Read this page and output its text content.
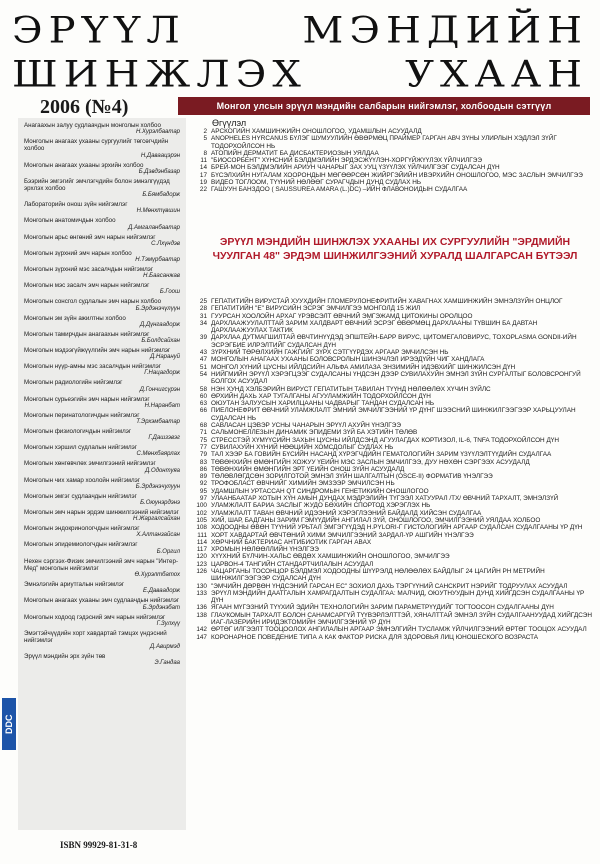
ЭРҮҮЛ	МЭНДИЙН
ШИНЖЛЭХ УХААН
2006 (№4)	Монгол улсын эрүүл мэндийн салбарын нийгэмлэг, холбоодын сэтгүүл
Анагаахын залуу судлаачдын монголын холбоо
Н.Хурэлбаатар
Монголын анагаах ухааны сургуулийг төгсөгчдийн холбоо
Н.Даваацэрэн
Монголын анагаах ухааны эрхийн холбоо
Б.Дэвдэнбазар
Бээрийн эмгэгийг эмчлэгчдийн болон эмнэлгүүдэд эрхлэх холбоо
Б.Бямбадорж
Лабораторийн онош зүйн нийгэмлэг
Н.Мөнхтүвшин
Монголын анатомичдын холбоо
Д.Амгаланбаатар
Монголын арьс өнгөний эмч нарын нийгэмлэг
С.Лхүндэв
Монголын зүрхний эмч нарын холбоо
Н.Тэмүрбаатар
Монголын зүрхний мэс засалчдын нийгэмлэг
Н.Баасанжав
Монголын мэс засалч эмч нарын нийгэмлэг
Б.Гоош
Монголын сонсгол судлалын эмч нарын холбоо
Б.Эрдэнэчүлүүн
Монголын эм зүйн ажилтны холбоо
Д.Дүнгаадорж
Монголын тамирчдын анагаахын нийгэмлэг
Б.Болдсайхан
Монголын мэдээгүйжүүлгийн эмч нарын нийгэмлэг
Д.Нарануй
Монголын нүүр-амны мэс засалчдын нийгэмлэг
Г.Нацагдорж
Монголын радиологийн нийгэмлэг
Д.Гончигсүрэн
Монголын сурьеэгийн эмч нарын нийгэмлэг
Н.Наранбат
Монголын перинатологичдын нийгэмлэг
Т.Эрхэмбаатар
Монголын физиологичдын нийгэмлэг
Г.Дашзэвэг
Монголын хэршил судлалын нийгэмлэг
С.Мөнхбаярлах
Монголын хөнгөвчлөх эмчилгээний нийгэмлэг
Д.Одонтуяа
Монголын чих хамар хоолойн нийгэмлэг
Б.Эрдэнэчулуун
Монголын эмгэг судлаачдын нийгэмлэг
Б.Оюунэрдэнэ
Монголын эмч нарын эрдэм шинжилгээний нийгэмлэг
Н.Жаргалсайхан
Монголын эндокринологчдын нийгэмлэг
Х.Алтанзайсан
Монголын эпидемиологчдын нийгэмлэг
Б.Оргил
Нехен сэргээх-Физик эмчилгээний эмч нарын "Интер-Мед" монголын нийгэмлэг
Ө.Хурэлтбатох
Эмнэлэгийн ариутгалын нийгэмлэг
Е.Даваадорж
Монголын анагаах ухааны эмч судлаачдын нийгэмлэг
Б.Эрдэнэбат
Монголын ходоод гэдэсний эмч нарын нийгэмлэг
Г.Зулхүү
Эмэгтэйчүүдийн хорт хавдартай тэмцэх үндэсний нийгэмлэг
Д.Авирмэд
Эрүүл мэндийн эрх зүйн төв
Э.Гандаа
Өгүүлэл
2 АРСКОГИЙН ХАМШИНЖИЙН ОНОШЛОГОО, УДАМШЛЫН АСУУДАЛД
5 ANOPHELES HYRCANUS БҮЛЭГ ШУМУУЛИЙН ӨВӨРМӨЦ ПРАЙМЕР ГАРГАН АВЧ ЗҮНЫ УЛИРЛЫН ХЭДЛЭЛ ЗҮЙГ ТОДОРХОЙЛСОН НЬ
8 АТОПИЙН ДЕРМАТИТ БА ДИСБАКТЕРИОЗЫН УЯЛДАА
11 "БИОСОРБЕНТ" ХҮНСНИЙ БЭЛДМЭЛИЙН ЭРДЭСЖҮҮЛЭН-ХОРГҮЙЖҮҮЛЭХ ҮЙЛЧИЛГЭЭ
14 БРЕЙ-МОН БЭЛДМЭЛИЙН АРИУН ЧАНАРЫГ ЗАХ УУЦ ҮЗҮҮЛЭХ ҮЙЛЧИЛГЭЭГ СУДАЛСАН ДҮН
17 БҮСЭЛХИЙН НУГАЛАМ ХООРОНДЫН МӨГӨӨРСӨН ЖИЙРГЭЙИЙН ИВЭРХИЙН ОНОШЛОГОО, МЭС ЗАСЛЫН ЭМЧИЛГЭЭ
19 ВИДЕО ТОГЛООМ, ТҮҮНИЙ НӨЛӨӨГ СУРАГЧДЫН ДУНД СУДЛАХ НЬ
22 ГАШУУН БАНЗДОО ( SAUSSUREA AMARA (L.)DC) –ИЙН ФЛАВОНОИДЫН СУДАЛГАА
ЭРҮҮЛ МЭНДИЙН ШИНЖЛЭХ УХААНЫ ИХ СУРГУУЛИЙН "ЭРДМИЙН ЧУУЛГАН 48" ЭРДЭМ ШИНЖИЛГЭЭНИЙ ХУРАЛД ШАЛГАРСАН БҮТЭЭЛ
25 ГЕПАТИТИЙН ВИРУСТАЙ ХУУХДИЙН ГЛОМЕРУЛОНЕФРИТИЙН ХАВАГНАХ ХАМШИНЖИЙН ЭМНЭЛЗҮЙН ОНЦЛОГ
28 ГЕПАТИТИЙН "Е" ВИРУСИЙН ЭСРЭГ ЭМЧИЛГЭЭ МОНГОЛД 15 ЖИЛ
31 ГУУРСАН ХООЛОЙН АРХАГ ҮРЭВСЭЛТ ӨВЧНИЙ ЭМГЭЖАМД ЦИТОКИНЫ ОРОЛЦОО
34 ДАРХЛААЖУУЛАЛТТАЙ ЗАРИМ ХАЛДВАРТ ӨВЧНИЙ ЭСРЭГ ӨВӨРМӨЦ ДАРХЛААНЫ ТҮВШИН БА ДАВТАН ДАРХЛААЖУУЛАХ ТАКТИК
39 ДАРХЛАА ДУТМАГШИЛТАЙ ӨВЧТИНҮҮДЭД ЭПШТЕЙН-БАРР ВИРУС, ЦИТОМЕГАЛОВИРУС, TOXOPLASMA GONDII-ИЙН ЭСРЭГБИЕ ИЛРЭЛТИЙГ СУДАЛСАН ДҮН
43 ЗҮРХНИЙ ТӨРӨЛХИЙН ГАЖГИЙГ ЗҮРХ СЭТГҮҮРДЭХ АРГААР ЭМЧИЛСЭН НЬ
47 МОНГОЛЫН АНАГААХ УХААНЫ БОЛОВСРОЛЫН ШИНЭЧЛЭЛ ИРЭЭДҮЙН ЧИГ ХАНДЛАГА
51 МОНГОЛ ХҮНИЙ ЦУСНЫ ИЙЛДСИЙН АЛЬФА АМИЛАЗА ЭНЗИМИЙН ИДЭВХИЙГ ШИНЖИЛСЭН ДҮН
54 НИЙГМИЙН ЭРҮҮЛ ХЭРЭГЦЭЭГ СУДАЛСАНЫ ҮНДСЭН ДЭЭР СУВИЛАХУЙН ЭМНЭЛ ЗҮЙН СУРГАЛТЫГ БОЛОВСРОНГУЙ БОЛГОХ АСУУДАЛ
58 НЭН ХУНД ХЭЛБЭРИЙН ВИРУСТ ГЕПАТИТЫН ТАВИЛАН ТҮҮНД НӨЛӨӨЛӨХ ХҮЧИН ЗҮЙЛС
60 ӨРХИЙН ДАХЬ ХАР ТУГАЛГАНЫ АГУУЛАМЖИЙН ТОДОРХОЙЛСОН ДҮН
63 ОЮУТАН ЗАЛУУСЫН ХАРИЛЦААНЫ ЧАДВАРЫГ ТАНДАН СУДАЛСАН НЬ
66 ПИЕЛОНЕФРИТ ӨВЧНИЙ УЛАМЖЛАЛТ ЭМНИЙ ЭМЧИЛГЭЭНИЙ ҮР ДҮНГ ШЭЭСНИЙ ШИНЖИЛГЭЭГЭЭР ХАРЬЦУУЛАН СУДАЛСАН НЬ
68 САВЛАСАН ЦЭВЭР УСНЫ ЧАНАРЫН ЭРҮҮЛ АХУЙН ҮНЭЛГЭЭ
71 САЛЬМОНЕЛЛЕЗЫН ДИНАМИК ЭПИДЕМИ ЗҮЙ БА ХЭТИЙН ТӨЛӨВ
75 СТРЕССТЭЙ ХҮМҮҮСИЙН ЗАХЫН ЦУСНЫ ИЙЛДСЭНД АГУУЛАГДАХ КОРТИЗОЛ, IL-6, TNFA ТОДОРХОЙЛСОН ДҮН
77 СУВИЛАХУЙН ХҮНИЙ НӨӨЦИЙН ХОМСДОЛЫГ СУДЛАХ НЬ
79 ТАЛ ХЭЭР БА ГОВИЙН БҮСИЙН НАСАНД ХҮРЭГЧДИЙН ГЕМАТОЛОГИЙН ЗАРИМ ҮЗҮҮЛЭЛТҮҮДИЙН СУДАЛГАА
83 ТӨВӨНХИЙН ӨМӨНГИЙН ХОЖУУ ҮЕИЙН МЭС ЗАСЛЫН ЭМЧИЛГЭЭ, ДУУ НӨХӨН СЭРГЭЭХ АСУУДАЛД
86 ТӨВӨНХИЙН ӨМӨНГИЙН ЭРТ ҮЕИЙН ОНОШ ЗҮЙН АСУУДАЛД
89 ТӨЛӨВЛӨГДСӨН ЗОРИЛГОТОЙ ЭМНЭЛ ЗҮЙН ШАЛГАЛТЫН (OSCE-II) ФОРМАТИВ ҮНЭЛГЭЭ
92 ТРОФОБЛАСТ ӨВЧНИЙГ ХИМИЙН ЭМЗЭЭР ЭМЧИЛСЭН НЬ
95 УДАМШЛЫН УРТАССАН QT СИНДРОМЫН ГЕНЕТИКИЙН ОНОШЛОГОО
97 УЛААНБААТАР ХОТЫН ХҮН АМЫН ДУНДАХ МЭДРЭЛИЙН ТҮГЭЭЛ ХАТУУРАЛ /ТХ/ ӨВЧНИЙ ТАРХАЛТ, ЭМНЭЛЗҮЙ
100 УЛАМЖЛАЛТ БАРИА ЗАСЛЫГ ЖУДО БӨХИЙН СПОРТОД ХЭРЭГЛЭХ НЬ
102 УЛАМЖЛАЛТ ТАВАН ӨВЧНИЙ ИДЭЭНИЙ ХЭРЭГЛЭЭНИЙ БАЙДАЛД ХИЙСЭН СУДАЛГАА
105 ХИЙ, ШАР, БАДГАНЫ ЗАРИМ ГЭМҮҮДИЙН АНГИЛАЛ ЗҮЙ, ОНОШЛОГОО, ЭМЧИЛГЭЭНИЙ УЯЛДАА ХОЛБОО
108 ХОДООДНЫ ӨВӨН ТҮҮНИЙ УРЬТАЛ ЭМГЭГҮҮДЭД H.PYLORI-Г ГИСТОЛОГИЙН АРГААР СУДАЛСАН СУДАЛГААНЫ ҮР ДҮН
111 ХОРТ ХАВДАРТАЙ ӨВЧТӨНИЙ ХИМИ ЭМЧИЛГЭЭНИЙ ЗАРДАЛ-ҮР АШГИЙН ҮНЭЛГЭЭ
114 ХӨРЧНИЙ БАКТЕРИАС АНТИБИОТИК ГАРГАН АВАХ
117 ХРОМЫН НӨЛӨӨЛЛИЙН ҮНЭЛГЭЭ
120 ХҮҮХНИЙ БҮЛЧИН-ХАЛЬС ӨВДӨХ ХАМШИНЖИЙН ОНОШЛОГОО, ЭМЧИЛГЭЭ
123 ЦАРВОН-4 ТАНГИЙН СТАНДАРТЧИЛАЛЫН АСУУДАЛ
126 ЧАЦАРГАНЫ ТОСОНЦОР БЭЛДМЭЛ ХОДООДНЫ ШҮҮРЭЛД НӨЛӨӨЛӨХ БАЙДЛЫГ 24 ЦАГИЙН PH МЕТРИЙН ШИНЖИЛГЭЭГЭЭР СУДАЛСАН ДҮН
130 "ЭМЧИЙН ДӨРВӨН ҮНДСЭНИЙ ГАРСАН ЕС" ЗОХИОЛ ДАХЬ ТЭРГҮҮНИЙ САНСКРИТ НЭРИЙГ ТОДРУУЛАХ АСУУДАЛ
133 ЭРҮҮЛ МЭНДИЙН ДААТГАЛЫН ХАМРАГДАЛТЫН СУДАЛГАА: МАЛЧИД, ОЮУТНУУДЫН ДУНД ХИЙГДСЭН СУДАЛГААНЫ ҮР ДҮН
136 ЯГААН МҮГЭЗНИЙ ТҮҮХИЙ ЭДИЙН ТЕХНОЛОГИЙН ЗАРИМ ПАРАМЕТРҮҮДИЙГ ТОГТООСОН СУДАЛГААНЫ ДҮН
138 ГЛАУКОМЫН ТАРХАЛТ БОЛОН САНАМСАРГҮЙ ТҮҮВЭРЛЭЛТТЭЙ, ХЯНАЛТТАЙ ЭМНЭЛ ЗҮЙН СУДАЛГААНУУДАД ХИЙГДСЭН ИАГ-ЛАЗЕРИЙН ИРИДЭКТОМИЙН ЭМЧИЛГЭЭНИЙ ҮР ДҮН
142 ӨРТӨГ ИЛГЭЭЛТ ТООЦООЛОХ АНГИЛАЛЫН АРГААР ЭМНЭЛГИЙН ТУСЛАМЖ ҮЙЛЧИЛГЭЭНИЙ ӨРТӨГ ТООЦОХ АСУУДАЛ
147 КОРОНАРНОЕ ПОВЕДЕНИЕ ТИПА А КАК ФАКТОР РИСКА ДЛЯ ЗДОРОВЬЯ ЛИЦ ЮНОШЕСКОГО ВОЗРАСТА
DDC
ISBN 99929-81-31-8
